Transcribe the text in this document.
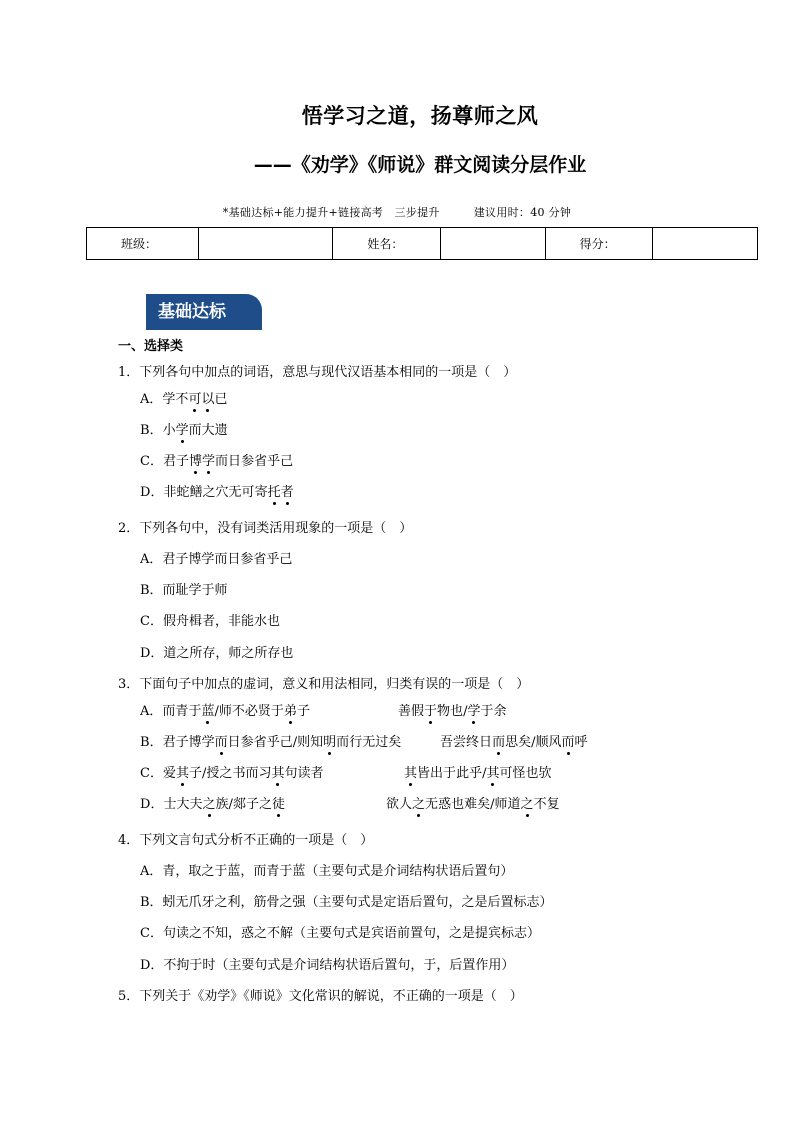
悟学习之道，扬尊师之风
——《劝学》《师说》群文阅读分层作业
*基础达标+能力提升+链接高考　三步提升	建议用时：40 分钟
班级：		姓名：		得分：	
基础达标
一、选择类
1．下列各句中加点的词语，意思与现代汉语基本相同的一项是（　）
A．学不可以已
B．小学而大遗
C．君子博学而日参省乎己
D．非蛇鳝之穴无可寄托者
2．下列各句中，没有词类活用现象的一项是（　）
A．君子博学而日参省乎己
B．而耻学于师
C．假舟楫者，非能水也
D．道之所存，师之所存也
3．下面句子中加点的虚词，意义和用法相同，归类有误的一项是（　）
A．而青于蓝/师不必贤于弟子	善假于物也/学于余
B．君子博学而日参省乎己/则知明而行无过矣	吾尝终日而思矣/顺风而呼
C．爱其子/授之书而习其句读者	其皆出于此乎/其可怪也欤
D．士大夫之族/郯子之徒	欲人之无惑也难矣/师道之不复
4．下列文言句式分析不正确的一项是（　）
A．青，取之于蓝，而青于蓝（主要句式是介词结构状语后置句）
B．蚓无爪牙之利，筋骨之强（主要句式是定语后置句，之是后置标志）
C．句读之不知，惑之不解（主要句式是宾语前置句，之是提宾标志）
D．不拘于时（主要句式是介词结构状语后置句，于，后置作用）
5．下列关于《劝学》《师说》文化常识的解说，不正确的一项是（　）
